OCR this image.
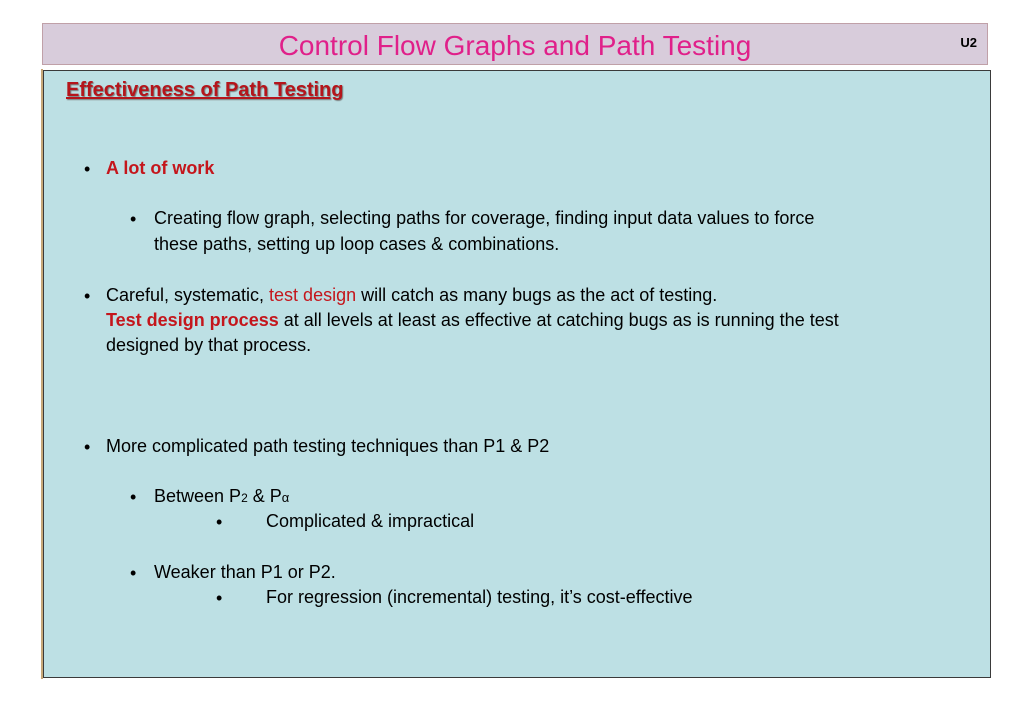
Control Flow Graphs and Path Testing	U2
Effectiveness of Path Testing
• A lot of work
• Creating flow graph, selecting paths for coverage, finding input data values to force
these paths, setting up loop cases & combinations.
• Careful, systematic, test design will catch as many bugs as the act of testing.
Test design process at all levels at least as effective at catching bugs as is running the test
designed by that process.
• More complicated path testing techniques than P1 & P2
• Between P2 & Pα
• Complicated & impractical
• Weaker than P1 or P2.
• For regression (incremental) testing, it’s cost-effective
